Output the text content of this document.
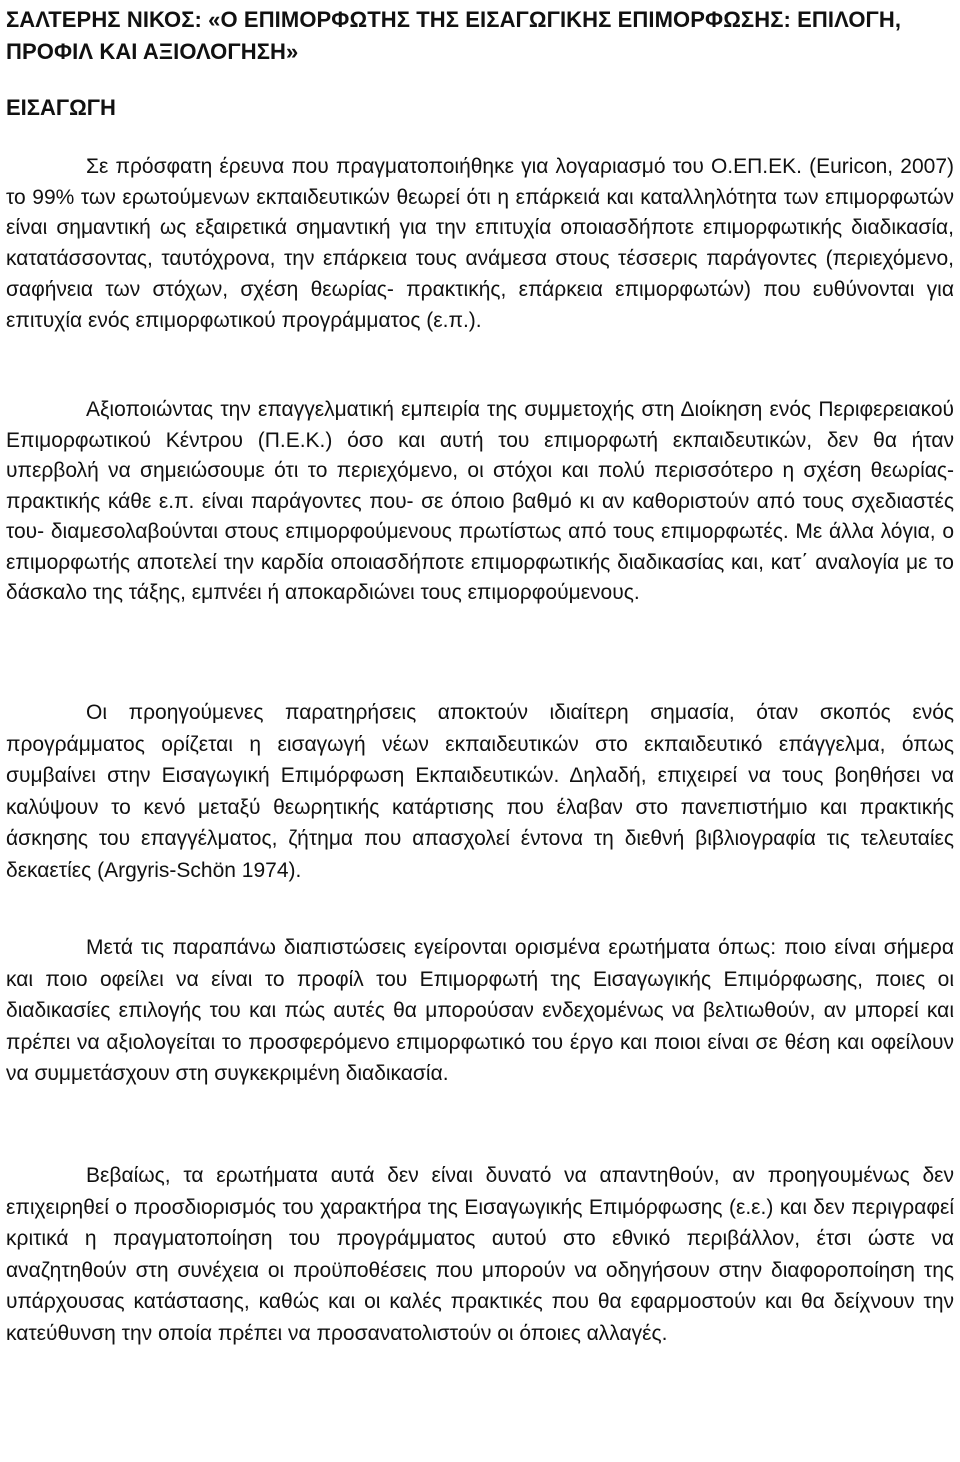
ΣΑΛΤΕΡΗΣ ΝΙΚΟΣ: «Ο ΕΠΙΜΟΡΦΩΤΗΣ ΤΗΣ ΕΙΣΑΓΩΓΙΚΗΣ ΕΠΙΜΟΡΦΩΣΗΣ: ΕΠΙΛΟΓΗ, ΠΡΟΦΙΛ ΚΑΙ ΑΞΙΟΛΟΓΗΣΗ»
ΕΙΣΑΓΩΓΗ

Σε πρόσφατη έρευνα που πραγματοποιήθηκε για λογαριασμό του Ο.ΕΠ.ΕΚ. (Euricon, 2007) το 99% των ερωτούμενων εκπαιδευτικών θεωρεί ότι η επάρκειά και καταλληλότητα των επιμορφωτών είναι σημαντική ως εξαιρετικά σημαντική για την επιτυχία οποιασδήποτε επιμορφωτικής διαδικασία, κατατάσσοντας, ταυτόχρονα, την επάρκεια τους ανάμεσα στους τέσσερις παράγοντες (περιεχόμενο, σαφήνεια των στόχων, σχέση θεωρίας- πρακτικής, επάρκεια επιμορφωτών) που ευθύνονται για επιτυχία ενός επιμορφωτικού προγράμματος (ε.π.).

Αξιοποιώντας την επαγγελματική εμπειρία της συμμετοχής στη Διοίκηση ενός Περιφερειακού Επιμορφωτικού Κέντρου (Π.Ε.Κ.) όσο και αυτή του επιμορφωτή εκπαιδευτικών, δεν θα ήταν υπερβολή να σημειώσουμε ότι το περιεχόμενο, οι στόχοι και πολύ περισσότερο η σχέση θεωρίας-πρακτικής κάθε ε.π. είναι παράγοντες που- σε όποιο βαθμό κι αν καθοριστούν από τους σχεδιαστές του- διαμεσολαβούνται στους επιμορφούμενους πρωτίστως από τους επιμορφωτές. Με άλλα λόγια, ο επιμορφωτής αποτελεί την καρδία οποιασδήποτε επιμορφωτικής διαδικασίας και, κατ΄ αναλογία με το δάσκαλο της τάξης, εμπνέει ή αποκαρδιώνει τους επιμορφούμενους.

Οι προηγούμενες παρατηρήσεις αποκτούν ιδιαίτερη σημασία, όταν σκοπός ενός προγράμματος ορίζεται η εισαγωγή νέων εκπαιδευτικών στο εκπαιδευτικό επάγγελμα, όπως συμβαίνει στην Εισαγωγική Επιμόρφωση Εκπαιδευτικών. Δηλαδή, επιχειρεί να τους βοηθήσει να καλύψουν το κενό μεταξύ θεωρητικής κατάρτισης που έλαβαν στο πανεπιστήμιο και πρακτικής άσκησης του επαγγέλματος, ζήτημα που απασχολεί έντονα τη διεθνή βιβλιογραφία τις τελευταίες δεκαετίες (Argyris-Schön 1974).

Μετά τις παραπάνω διαπιστώσεις εγείρονται ορισμένα ερωτήματα όπως: ποιο είναι σήμερα και ποιο οφείλει να είναι το προφίλ του Επιμορφωτή της Εισαγωγικής Επιμόρφωσης, ποιες οι διαδικασίες επιλογής του και πώς αυτές θα μπορούσαν ενδεχομένως να βελτιωθούν, αν μπορεί και πρέπει να αξιολογείται το προσφερόμενο επιμορφωτικό του έργο και ποιοι είναι σε θέση και οφείλουν να συμμετάσχουν στη συγκεκριμένη διαδικασία.

Βεβαίως, τα ερωτήματα αυτά δεν είναι δυνατό να απαντηθούν, αν προηγουμένως δεν επιχειρηθεί ο προσδιορισμός του χαρακτήρα της Εισαγωγικής Επιμόρφωσης (ε.ε.) και δεν περιγραφεί κριτικά η πραγματοποίηση του προγράμματος αυτού στο εθνικό περιβάλλον, έτσι ώστε να αναζητηθούν στη συνέχεια οι προϋποθέσεις που μπορούν να οδηγήσουν στην διαφοροποίηση της υπάρχουσας κατάστασης, καθώς και οι καλές πρακτικές που θα εφαρμοστούν και θα δείχνουν την κατεύθυνση την οποία πρέπει να προσανατολιστούν οι όποιες αλλαγές.
